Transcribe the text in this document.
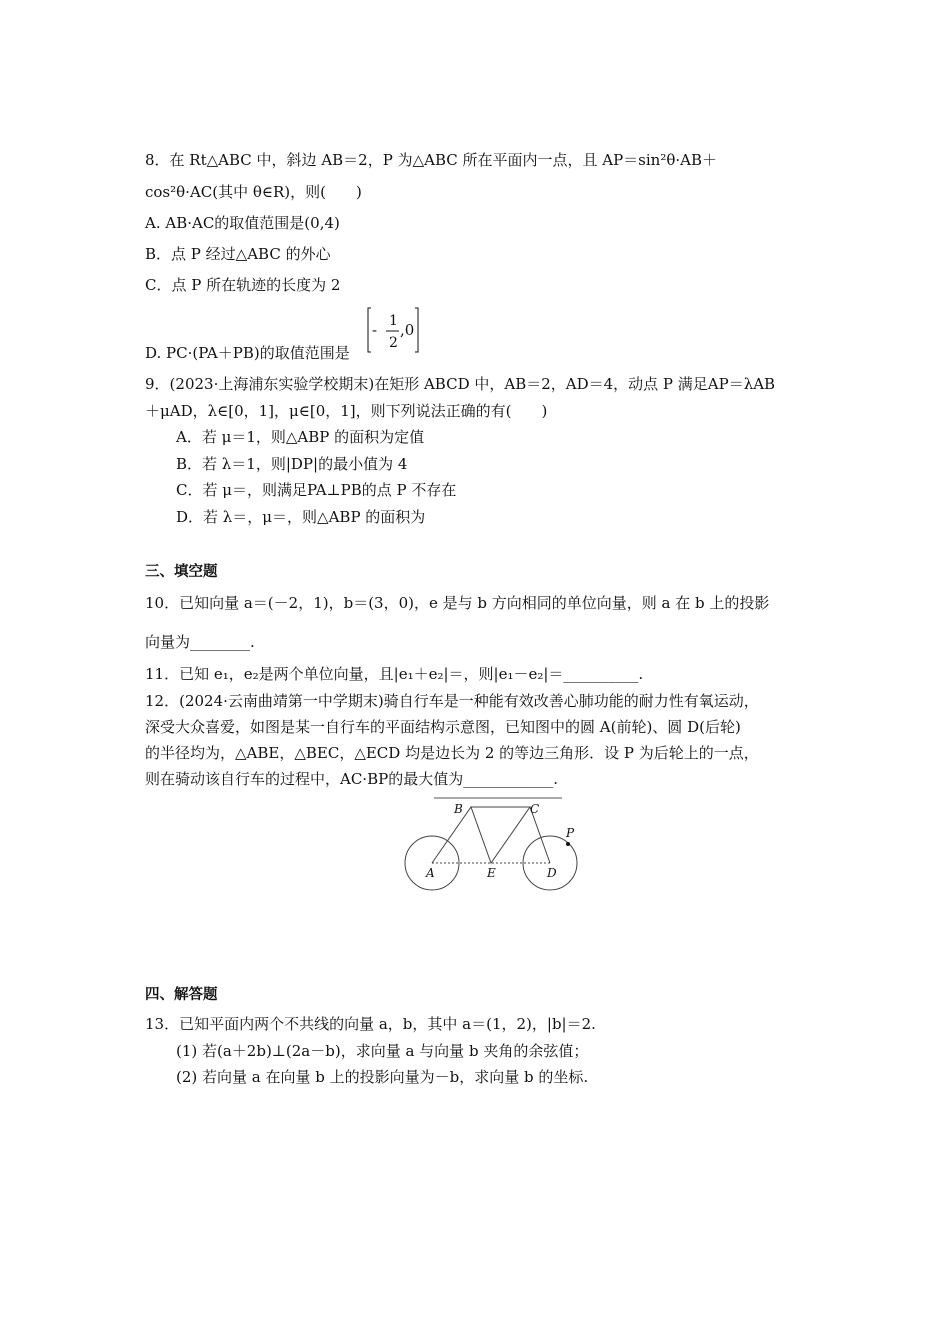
8．在 Rt△ABC 中，斜边 AB＝2，P 为△ABC 所在平面内一点，且 AP＝sin²θ·AB＋
cos²θ·AC(其中 θ∈R)，则(　　)
A. AB·AC的取值范围是(0,4)
B．点 P 经过△ABC 的外心
C．点 P 所在轨迹的长度为 2
D. PC·(PA＋PB)的取值范围是
- 1
2
,0
9．(2023·上海浦东实验学校期末)在矩形 ABCD 中，AB＝2，AD＝4，动点 P 满足AP＝λAB
＋μAD，λ∈[0，1]，μ∈[0，1]，则下列说法正确的有(　　)
A．若 μ＝1，则△ABP 的面积为定值
B．若 λ＝1，则|DP|的最小值为 4
C．若 μ＝，则满足PA⊥PB的点 P 不存在
D．若 λ＝，μ＝，则△ABP 的面积为
三、填空题
10．已知向量 a＝(－2，1)，b＝(3，0)，e 是与 b 方向相同的单位向量，则 a 在 b 上的投影
向量为________.
11．已知 e₁，e₂是两个单位向量，且|e₁＋e₂|＝，则|e₁－e₂|＝__________.
12．(2024·云南曲靖第一中学期末)骑自行车是一种能有效改善心肺功能的耐力性有氧运动，
深受大众喜爱，如图是某一自行车的平面结构示意图，已知图中的圆 A(前轮)、圆 D(后轮)
的半径均为，△ABE，△BEC，△ECD 均是边长为 2 的等边三角形．设 P 为后轮上的一点，
则在骑动该自行车的过程中，AC·BP的最大值为____________.
B	C
A	E	D
P
四、解答题
13．已知平面内两个不共线的向量 a，b，其中 a＝(1，2)，|b|＝2.
(1) 若(a＋2b)⊥(2a－b)，求向量 a 与向量 b 夹角的余弦值；
(2) 若向量 a 在向量 b 上的投影向量为－b，求向量 b 的坐标.
